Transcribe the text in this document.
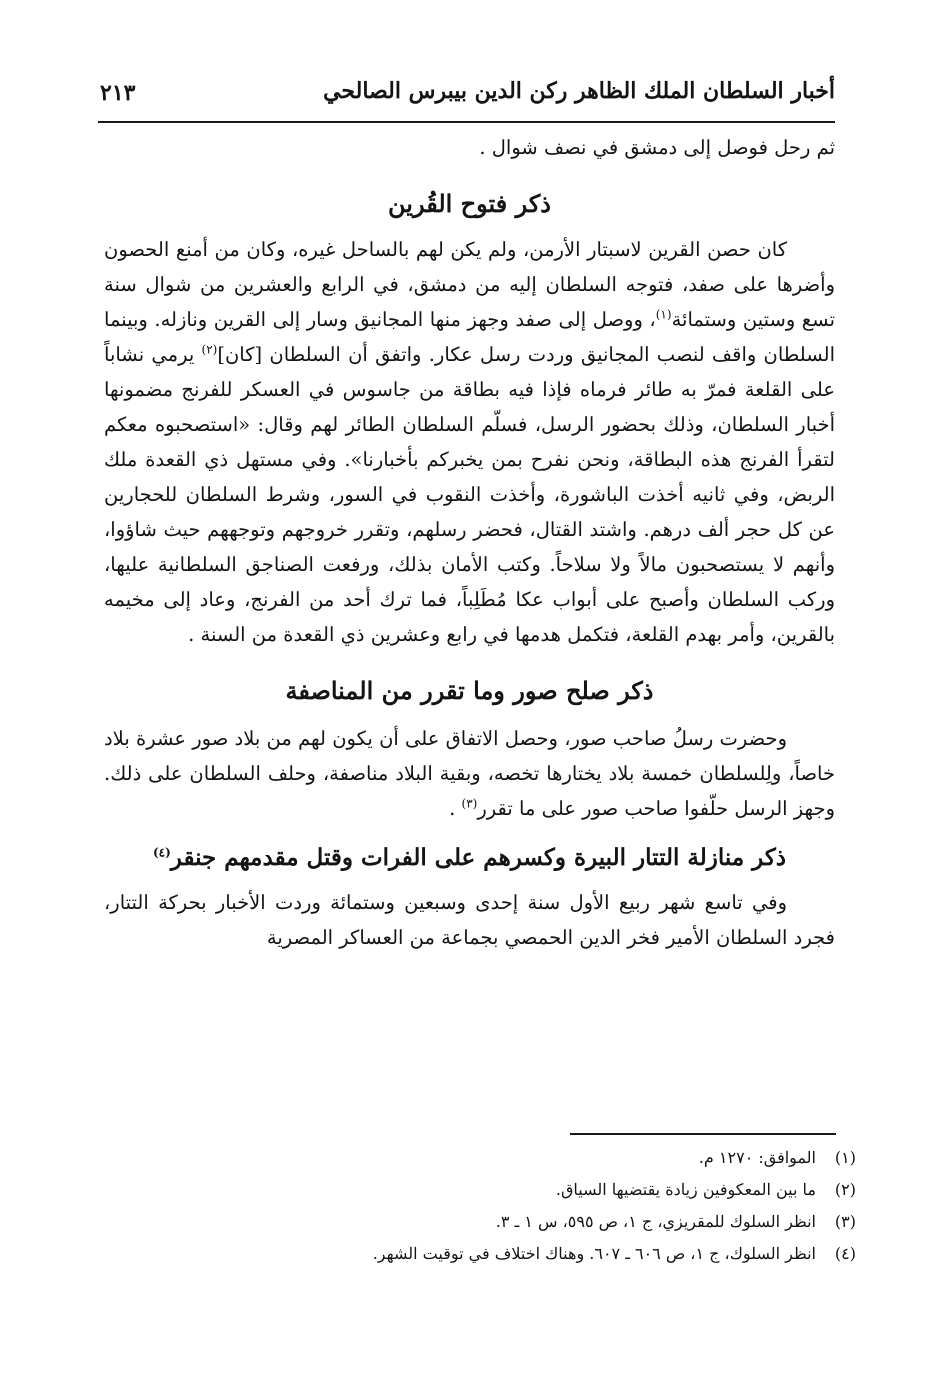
أخبار السلطان الملك الظاهر ركن الدين بيبرس الصالحي
٢١٣

ثم رحل فوصل إلى دمشق في نصف شوال .

ذكر فتوح القُرين

كان حصن القرين لاسبتار الأرمن، ولم يكن لهم بالساحل غيره، وكان من أمنع الحصون وأضرها على صفد، فتوجه السلطان إليه من دمشق، في الرابع والعشرين من شوال سنة تسع وستين وستمائة$^{(١)}$، ووصل إلى صفد وجهز منها المجانيق وسار إلى القرين ونازله. وبينما السلطان واقف لنصب المجانيق وردت رسل عكار. واتفق أن السلطان [كان]$^{(٢)}$ يرمي نشاباً على القلعة فمرّ به طائر فرماه فإذا فيه بطاقة من جاسوس في العسكر للفرنج مضمونها أخبار السلطان، وذلك بحضور الرسل، فسلّم السلطان الطائر لهم وقال: «استصحبوه معكم لتقرأ الفرنج هذه البطاقة، ونحن نفرح بمن يخبركم بأخبارنا». وفي مستهل ذي القعدة ملك الربض، وفي ثانيه أخذت الباشورة، وأخذت النقوب في السور، وشرط السلطان للحجارين عن كل حجر ألف درهم. واشتد القتال، فحضر رسلهم، وتقرر خروجهم وتوجههم حيث شاؤوا، وأنهم لا يستصحبون مالاً ولا سلاحاً. وكتب الأمان بذلك، ورفعت الصناجق السلطانية عليها، وركب السلطان وأصبح على أبواب عكا مُطَلِباً، فما ترك أحد من الفرنج، وعاد إلى مخيمه بالقرين، وأمر بهدم القلعة، فتكمل هدمها في رابع وعشرين ذي القعدة من السنة .

ذكر صلح صور وما تقرر من المناصفة

وحضرت رسلُ صاحب صور، وحصل الاتفاق على أن يكون لهم من بلاد صور عشرة بلاد خاصاً، ولِلسلطان خمسة بلاد يختارها تخصه، وبقية البلاد مناصفة، وحلف السلطان على ذلك. وجهز الرسل حلّفوا صاحب صور على ما تقرر$^{(٣)}$ .

ذكر منازلة التتار البيرة وكسرهم على الفرات وقتل مقدمهم جنقر$^{(٤)}$

وفي تاسع شهر ربيع الأول سنة إحدى وسبعين وستمائة وردت الأخبار بحركة التتار، فجرد السلطان الأمير فخر الدين الحمصي بجماعة من العساكر المصرية

(١)
الموافق: ١٢٧٠ م.
(٢)
ما بين المعكوفين زيادة يقتضيها السياق.
(٣)
انظر السلوك للمقريزي، ج ١، ص ٥٩٥، س ١ ـ ٣.
(٤)
انظر السلوك، ج ١، ص ٦٠٦ ـ ٦٠٧. وهناك اختلاف في توقيت الشهر.
